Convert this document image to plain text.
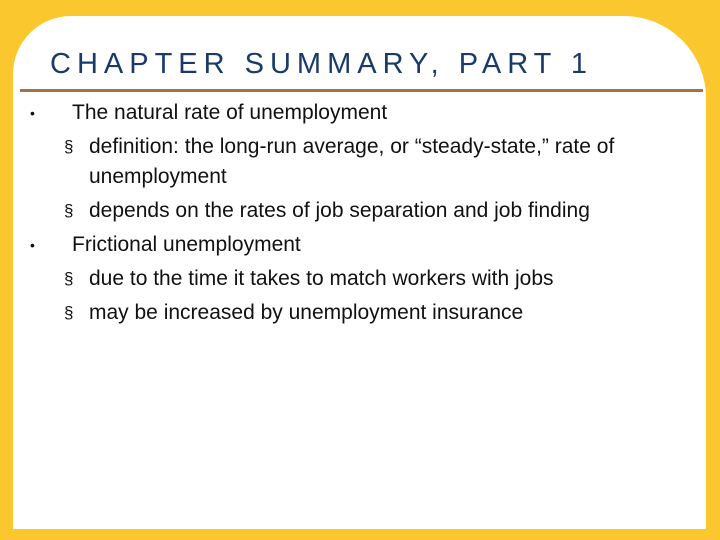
CHAPTER SUMMARY, PART 1
• The natural rate of unemployment
§ definition: the long-run average, or “steady-state,” rate of unemployment
§ depends on the rates of job separation and job finding
• Frictional unemployment
§ due to the time it takes to match workers with jobs
§ may be increased by unemployment insurance
